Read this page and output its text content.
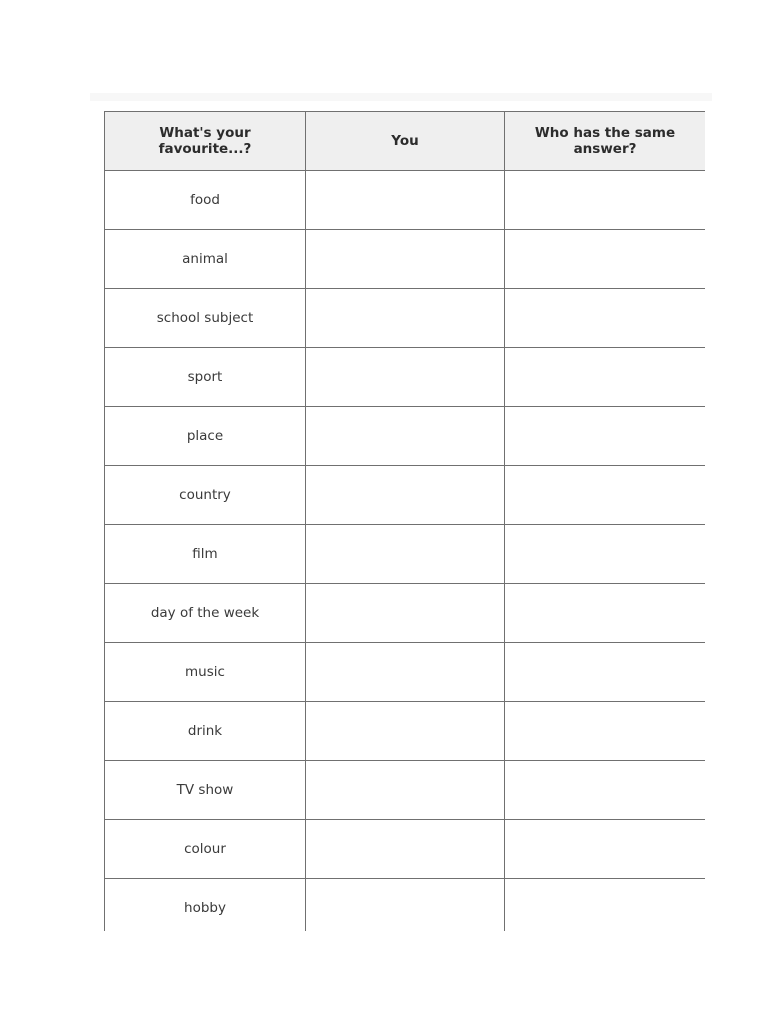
What's your favourite...?	You	Who has the same answer?
food		
animal		
school subject		
sport		
place		
country		
film		
day of the week		
music		
drink		
TV show		
colour		
hobby		
